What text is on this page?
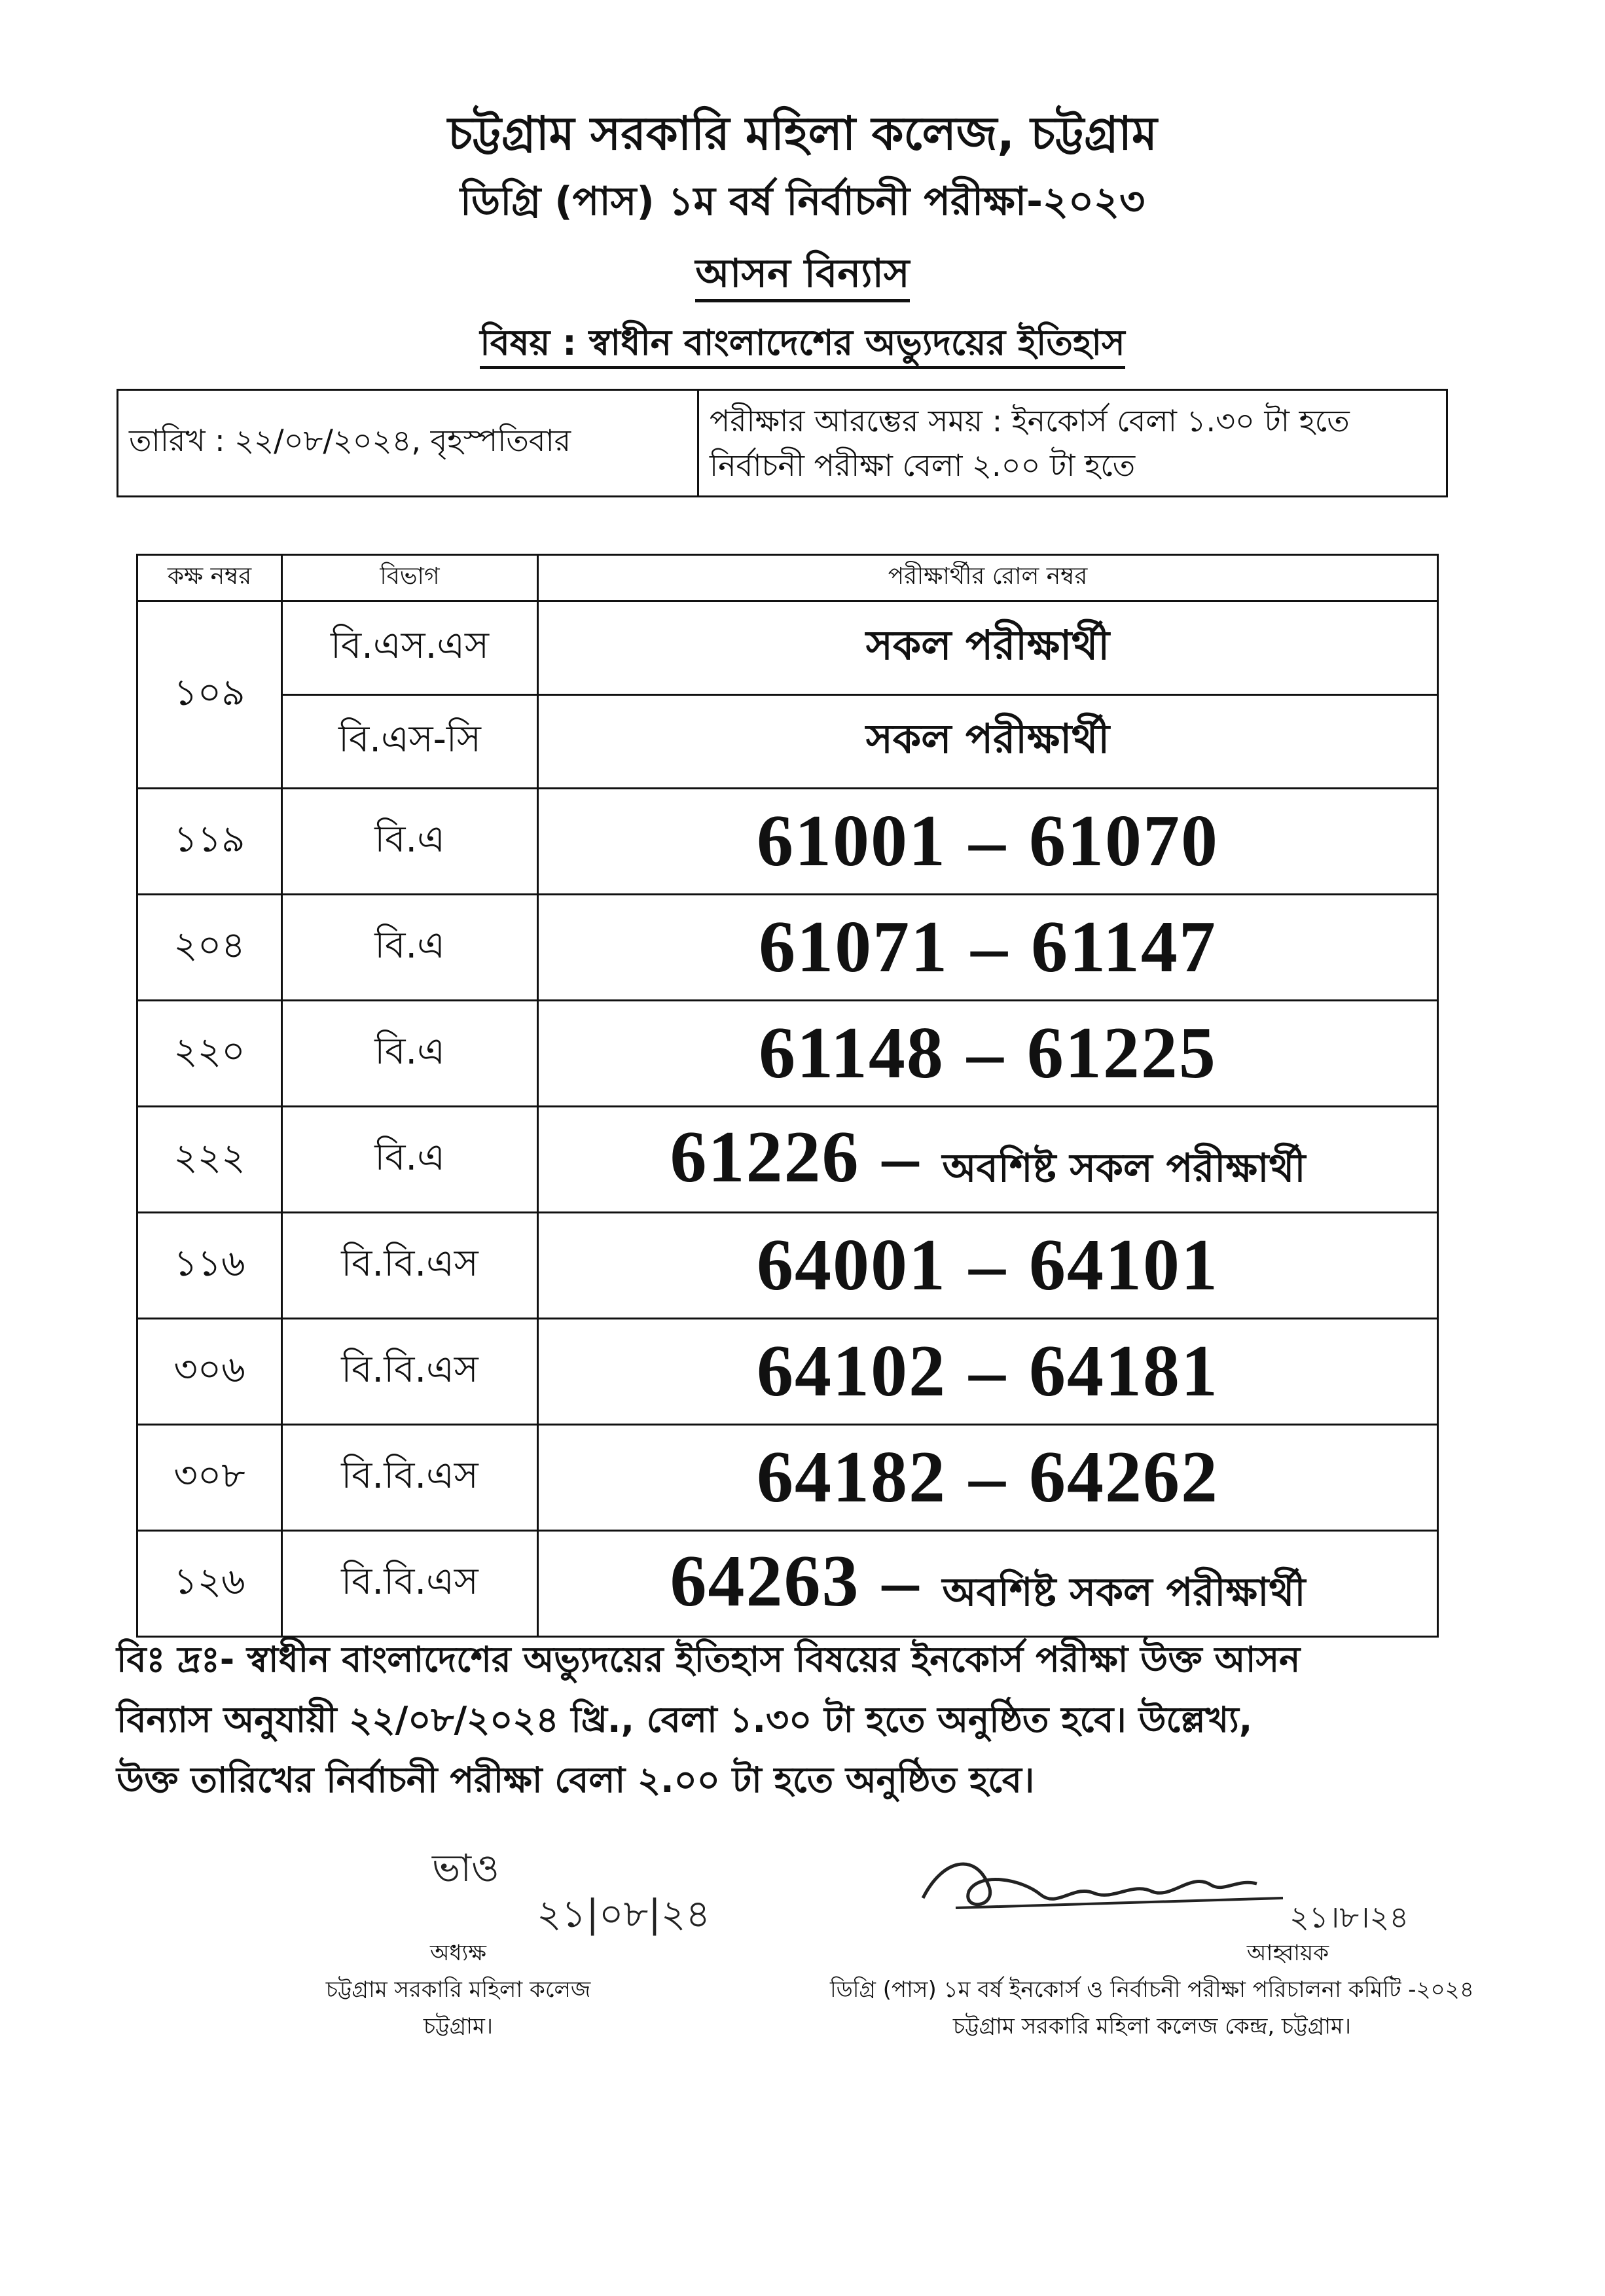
চট্টগ্রাম সরকারি মহিলা কলেজ, চট্টগ্রাম
ডিগ্রি (পাস) ১ম বর্ষ নির্বাচনী পরীক্ষা-২০২৩
আসন বিন্যাস
বিষয় : স্বাধীন বাংলাদেশের অভ্যুদয়ের ইতিহাস
তারিখ : ২২/০৮/২০২৪, বৃহস্পতিবার	
পরীক্ষার আরম্ভের সময় : ইনকোর্স বেলা ১.৩০ টা হতে
নির্বাচনী পরীক্ষা বেলা ২.০০ টা হতে
কক্ষ নম্বর	বিভাগ	পরীক্ষার্থীর রোল নম্বর
১০৯	বি.এস.এস	সকল পরীক্ষার্থী
	বি.এস-সি	সকল পরীক্ষার্থী
১১৯	বি.এ	61001 – 61070
২০৪	বি.এ	61071 – 61147
২২০	বি.এ	61148 – 61225
২২২	বি.এ	61226 – অবশিষ্ট সকল পরীক্ষার্থী
১১৬	বি.বি.এস	64001 – 64101
৩০৬	বি.বি.এস	64102 – 64181
৩০৮	বি.বি.এস	64182 – 64262
১২৬	বি.বি.এস	64263 – অবশিষ্ট সকল পরীক্ষার্থী
বিঃ দ্রঃ- স্বাধীন বাংলাদেশের অভ্যুদয়ের ইতিহাস বিষয়ের ইনকোর্স পরীক্ষা উক্ত আসন
বিন্যাস অনুযায়ী ২২/০৮/২০২৪ খ্রি., বেলা ১.৩০ টা হতে অনুষ্ঠিত হবে। উল্লেখ্য,
উক্ত তারিখের নির্বাচনী পরীক্ষা বেলা ২.০০ টা হতে অনুষ্ঠিত হবে।
ভাও
২১|০৮|২৪	২১।৮।২৪
অধ্যক্ষ
চট্টগ্রাম সরকারি মহিলা কলেজ
চট্টগ্রাম।
আহ্বায়ক
ডিগ্রি (পাস) ১ম বর্ষ ইনকোর্স ও নির্বাচনী পরীক্ষা পরিচালনা কমিটি -২০২৪
চট্টগ্রাম সরকারি মহিলা কলেজ কেন্দ্র, চট্টগ্রাম।
